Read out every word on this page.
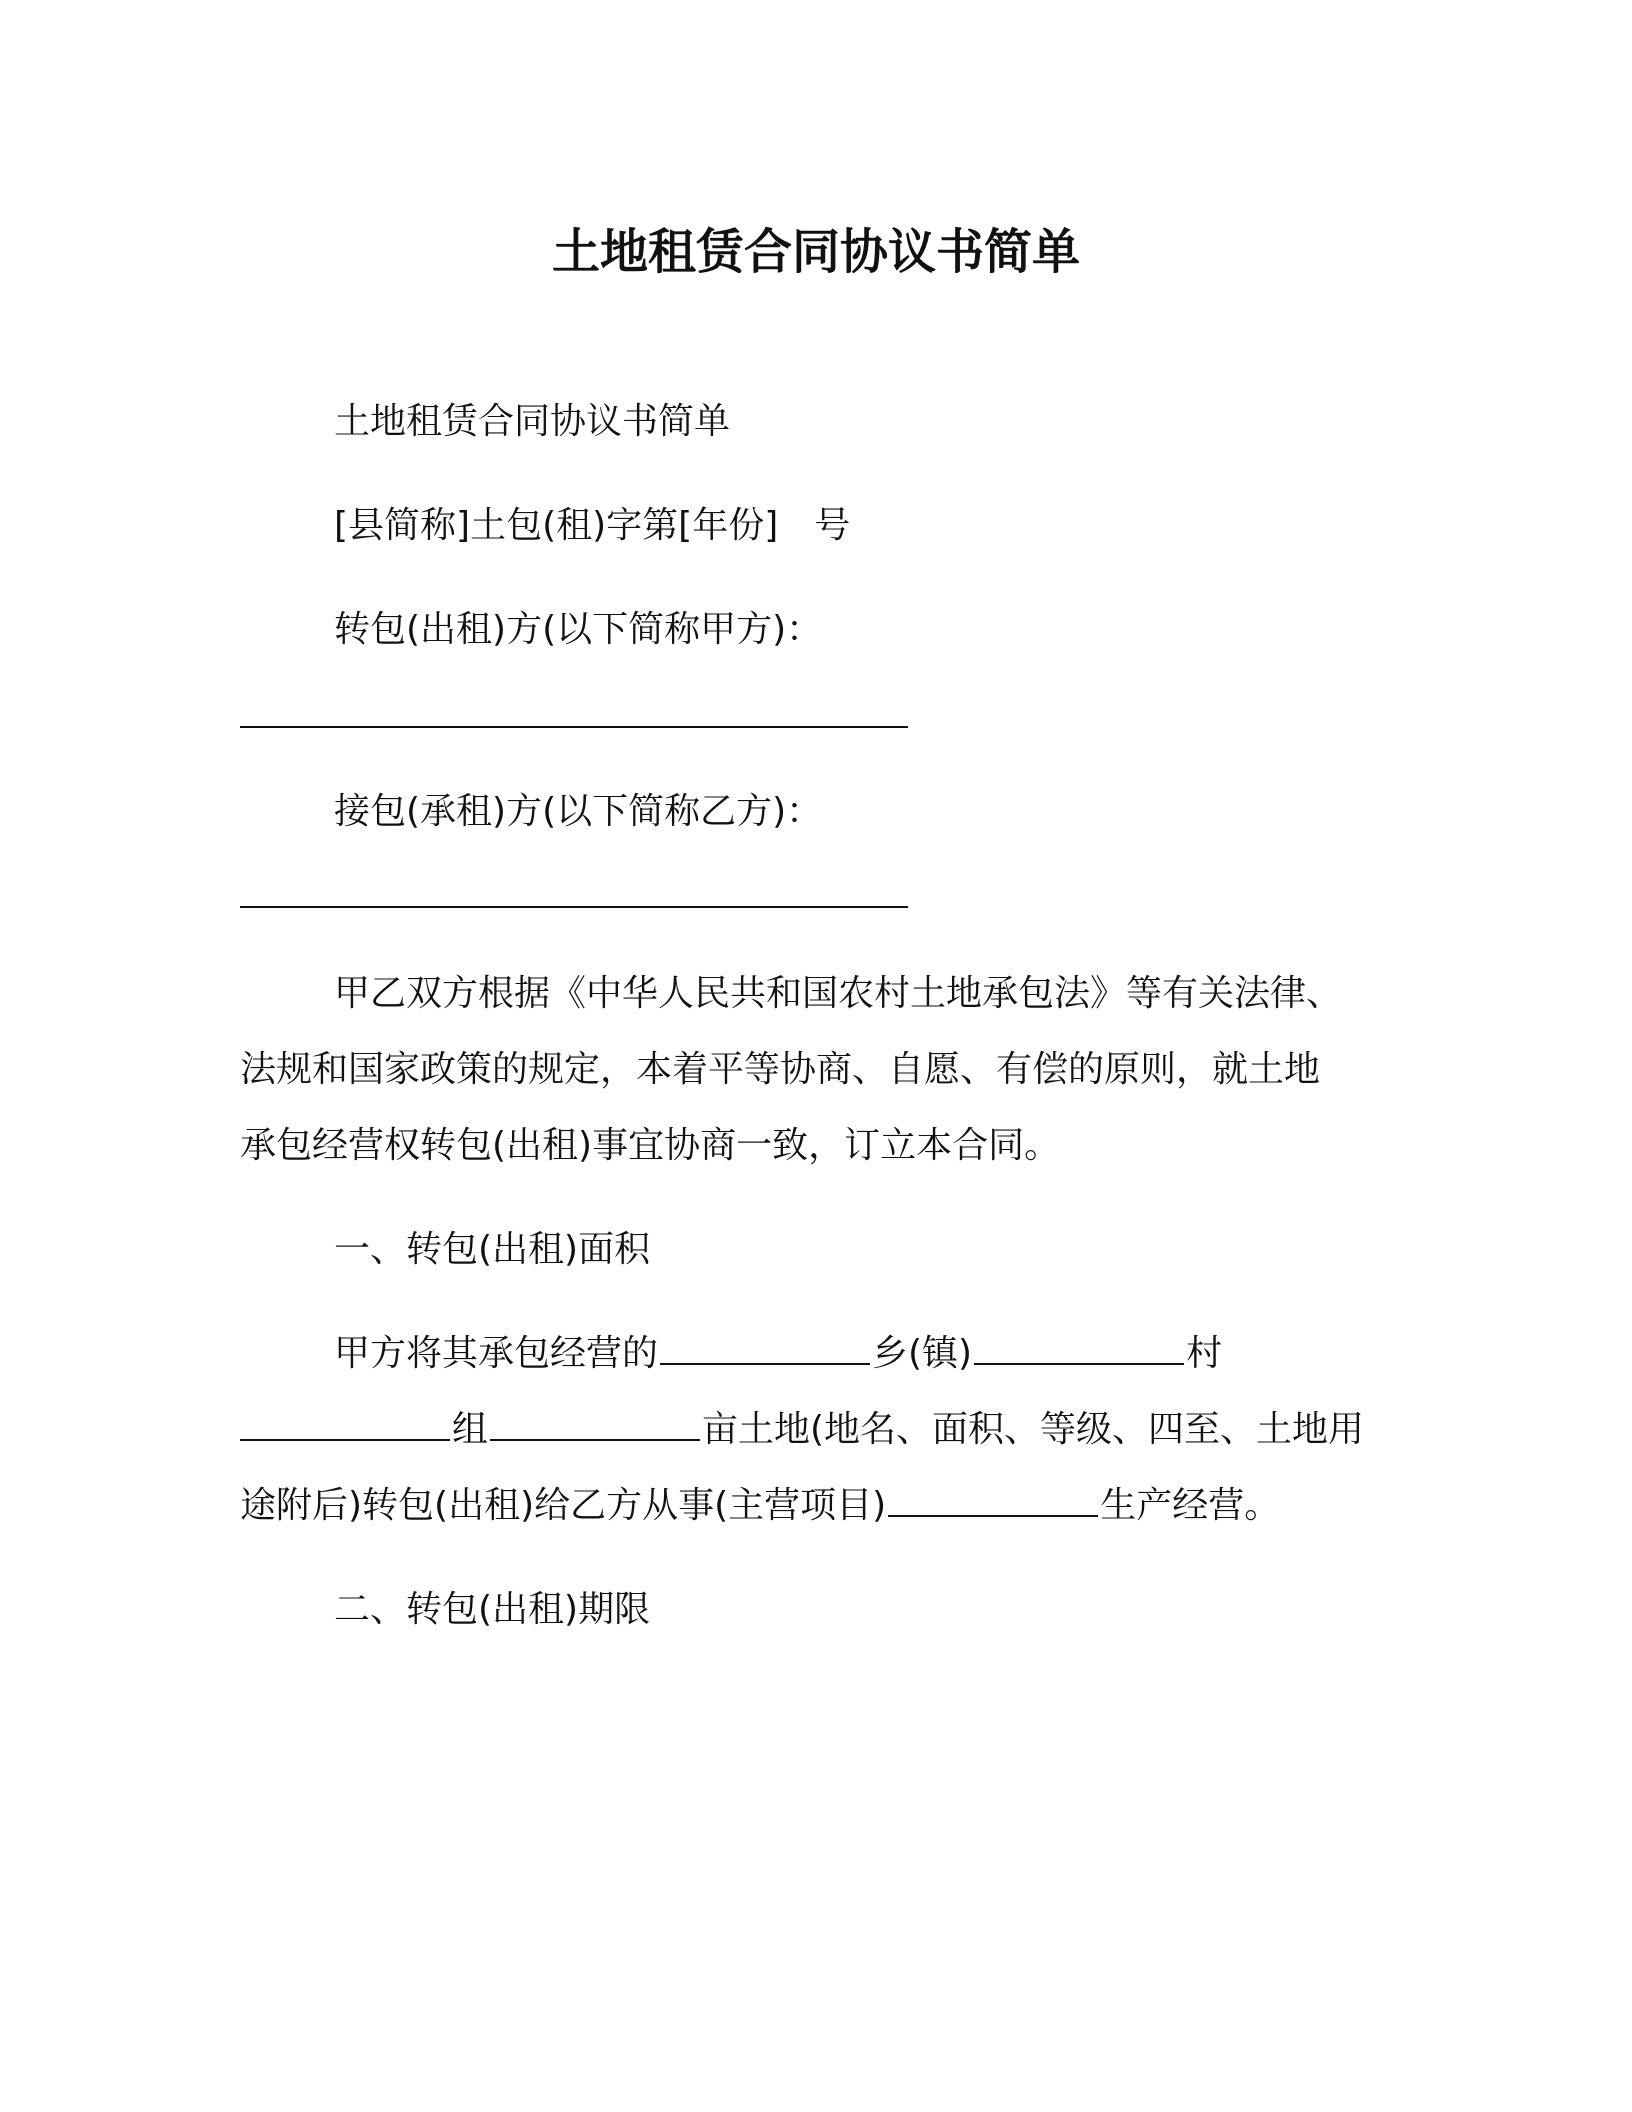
土地租赁合同协议书简单
土地租赁合同协议书简单
[县简称]土包(租)字第[年份]　号
转包(出租)方(以下简称甲方)：
接包(承租)方(以下简称乙方)：
甲乙双方根据《中华人民共和国农村土地承包法》等有关法律、
法规和国家政策的规定，本着平等协商、自愿、有偿的原则，就土地
承包经营权转包(出租)事宜协商一致，订立本合同。
一、转包(出租)面积
甲方将其承包经营的	乡(镇)	村
组	亩土地(地名、面积、等级、四至、土地用
途附后)转包(出租)给乙方从事(主营项目)	生产经营。
二、转包(出租)期限
